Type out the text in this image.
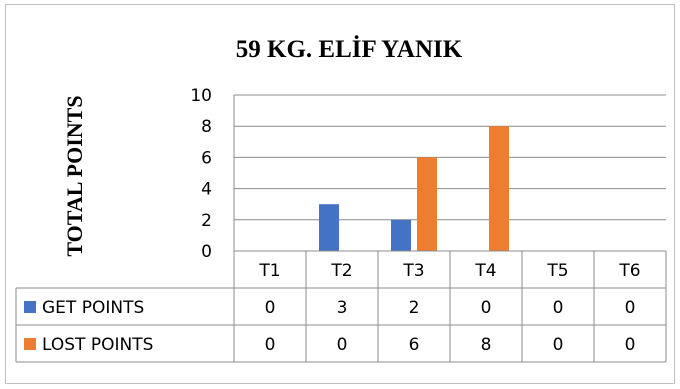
59 KG. ELİF YANIK
TOTAL POINTS	0
2
4
6
8
10
T1	T2	T3	T4	T5	T6
GET POINTS	0	3	2	0	0	0
LOST POINTS	0	0	6	8	0	0
